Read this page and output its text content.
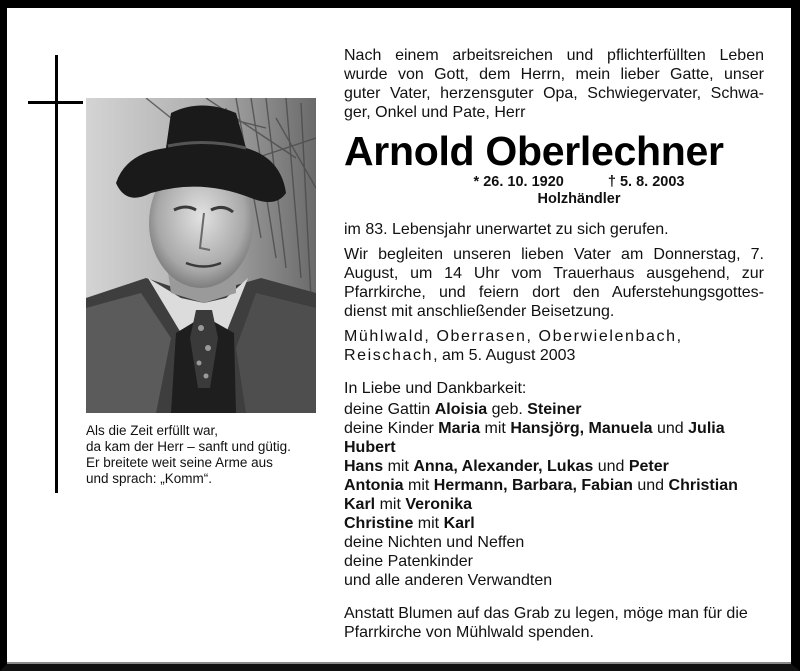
Als die Zeit erfüllt war,
da kam der Herr – sanft und gütig.
Er breitete weit seine Arme aus
und sprach: „Komm“.
Nach einem arbeitsreichen und pflichterfüllten Leben
wurde von Gott, dem Herrn, mein lieber Gatte, unser
guter Vater, herzensguter Opa, Schwiegervater, Schwa-
ger, Onkel und Pate, Herr
Arnold Oberlechner
* 26. 10. 1920	† 5. 8. 2003
Holzhändler
im 83. Lebensjahr unerwartet zu sich gerufen.
Wir begleiten unseren lieben Vater am Donnerstag, 7.
August, um 14 Uhr vom Trauerhaus ausgehend, zur
Pfarrkirche, und feiern dort den Auferstehungsgottes-
dienst mit anschließender Beisetzung.
Mühlwald, Oberrasen, Oberwielenbach,
Reischach, am 5. August 2003
In Liebe und Dankbarkeit:
deine Gattin Aloisia geb. Steiner
deine Kinder Maria mit Hansjörg, Manuela und Julia
Hubert
Hans mit Anna, Alexander, Lukas und Peter
Antonia mit Hermann, Barbara, Fabian und Christian
Karl mit Veronika
Christine mit Karl
deine Nichten und Neffen
deine Patenkinder
und alle anderen Verwandten
Anstatt Blumen auf das Grab zu legen, möge man für die
Pfarrkirche von Mühlwald spenden.
